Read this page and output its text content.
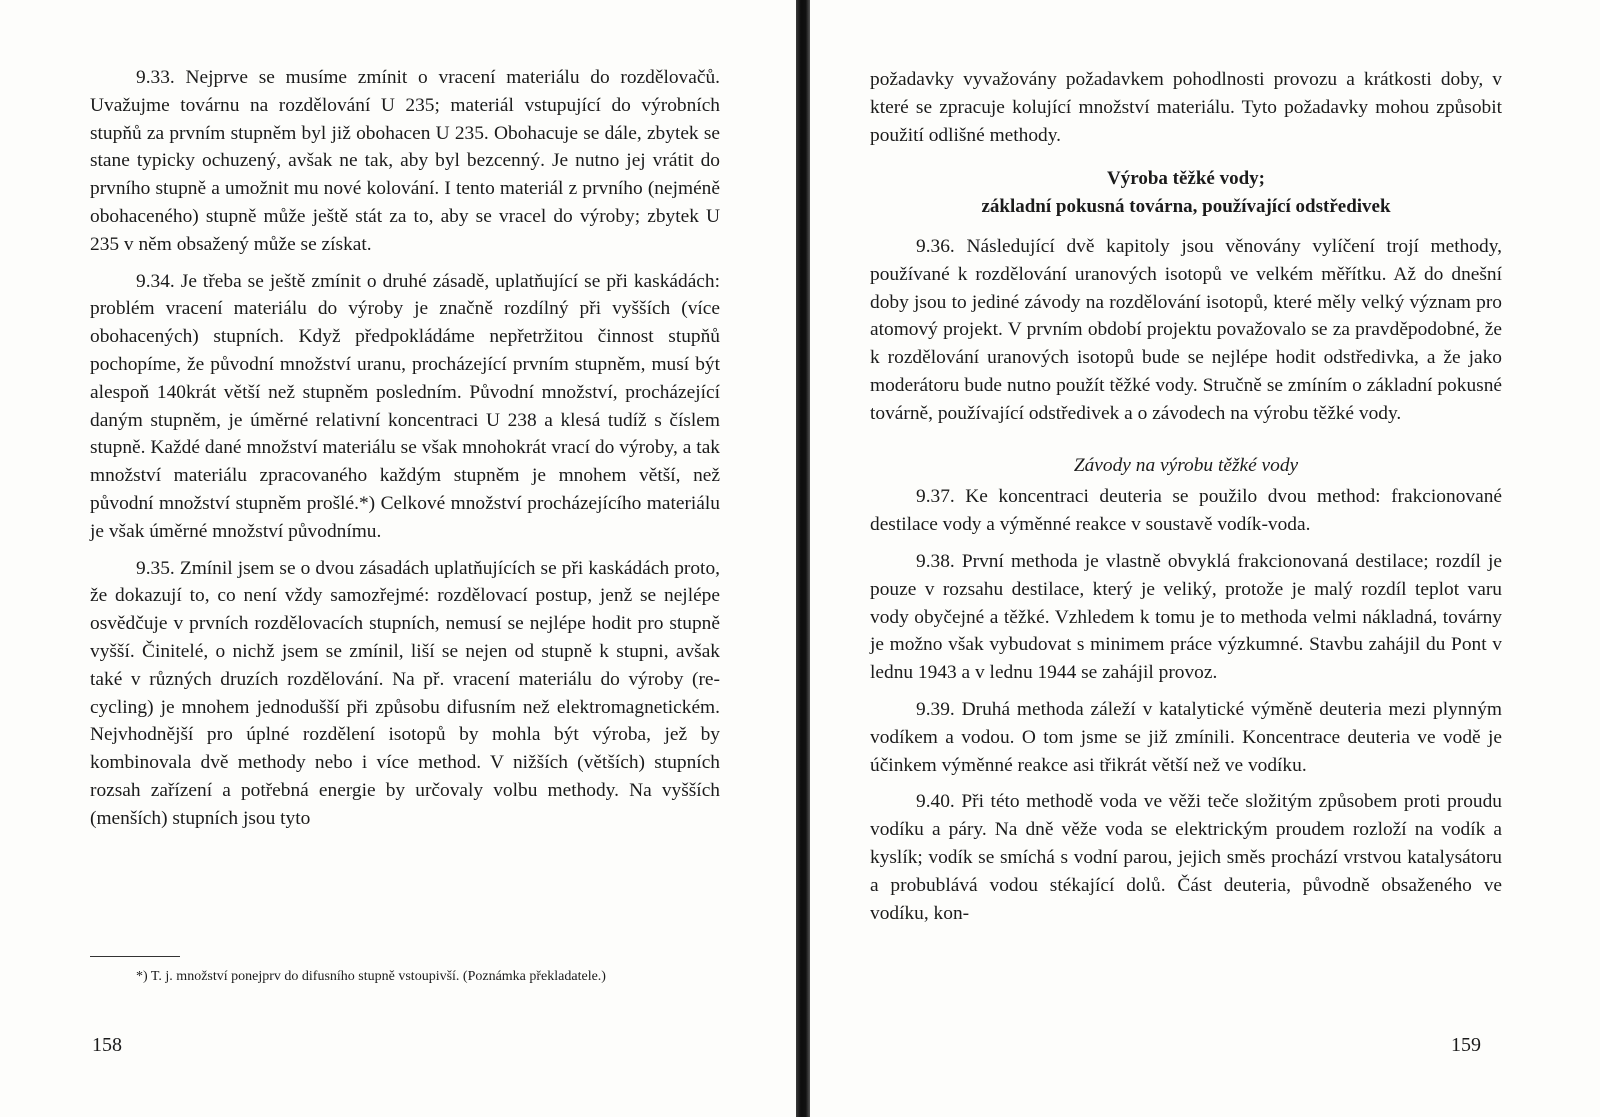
9.33. Nejprve se musíme zmínit o vracení materiálu do rozdělovačů. Uvažujme továrnu na rozdělování U 235; materiál vstupující do výrobních stupňů za prvním stupněm byl již obohacen U 235. Obohacuje se dále, zbytek se stane typicky ochuzený, avšak ne tak, aby byl bezcenný. Je nutno jej vrátit do prvního stupně a umožnit mu nové kolování. I tento materiál z prvního (nejméně obohaceného) stupně může ještě stát za to, aby se vracel do výroby; zbytek U 235 v něm obsažený může se získat.

9.34. Je třeba se ještě zmínit o druhé zásadě, uplatňující se při kaskádách: problém vracení materiálu do výroby je značně rozdílný při vyšších (více obohacených) stupních. Když předpokládáme nepřetržitou činnost stupňů pochopíme, že původní množství uranu, procházející prvním stupněm, musí být alespoň 140krát větší než stupněm posledním. Původní množství, procházející daným stupněm, je úměrné relativní koncentraci U 238 a klesá tudíž s číslem stupně. Každé dané množství materiálu se však mnohokrát vrací do výroby, a tak množství materiálu zpracovaného každým stupněm je mnohem větší, než původní množství stupněm prošlé.*) Celkové množství procházejícího materiálu je však úměrné množství původnímu.

9.35. Zmínil jsem se o dvou zásadách uplatňujících se při kaskádách proto, že dokazují to, co není vždy samozřejmé: rozdělovací postup, jenž se nejlépe osvědčuje v prvních rozdělovacích stupních, nemusí se nejlépe hodit pro stupně vyšší. Činitelé, o nichž jsem se zmínil, liší se nejen od stupně k stupni, avšak také v různých druzích rozdělování. Na př. vracení materiálu do výroby (recycling) je mnohem jednodušší při způsobu difusním než elektromagnetickém. Nejvhodnější pro úplné rozdělení isotopů by mohla být výroba, jež by kombinovala dvě methody nebo i více method. V nižších (větších) stupních rozsah zařízení a potřebná energie by určovaly volbu methody. Na vyšších (menších) stupních jsou tyto

*) T. j. množství ponejprv do difusního stupně vstoupivší. (Poznámka překladatele.)
158

požadavky vyvažovány požadavkem pohodlnosti provozu a krátkosti doby, v které se zpracuje kolující množství materiálu. Tyto požadavky mohou způsobit použití odlišné methody.

Výroba těžké vody;
základní pokusná továrna, používající odstředivek

9.36. Následující dvě kapitoly jsou věnovány vylíčení trojí methody, používané k rozdělování uranových isotopů ve velkém měřítku. Až do dnešní doby jsou to jediné závody na rozdělování isotopů, které měly velký význam pro atomový projekt. V prvním období projektu považovalo se za pravděpodobné, že k rozdělování uranových isotopů bude se nejlépe hodit odstředivka, a že jako moderátoru bude nutno použít těžké vody. Stručně se zmíním o základní pokusné továrně, používající odstředivek a o závodech na výrobu těžké vody.

Závody na výrobu těžké vody

9.37. Ke koncentraci deuteria se použilo dvou method: frakcionované destilace vody a výměnné reakce v soustavě vodík-voda.

9.38. První methoda je vlastně obvyklá frakcionovaná destilace; rozdíl je pouze v rozsahu destilace, který je veliký, protože je malý rozdíl teplot varu vody obyčejné a těžké. Vzhledem k tomu je to methoda velmi nákladná, továrny je možno však vybudovat s minimem práce výzkumné. Stavbu zahájil du Pont v lednu 1943 a v lednu 1944 se zahájil provoz.

9.39. Druhá methoda záleží v katalytické výměně deuteria mezi plynným vodíkem a vodou. O tom jsme se již zmínili. Koncentrace deuteria ve vodě je účinkem výměnné reakce asi třikrát větší než ve vodíku.

9.40. Při této methodě voda ve věži teče složitým způsobem proti proudu vodíku a páry. Na dně věže voda se elektrickým proudem rozloží na vodík a kyslík; vodík se smíchá s vodní parou, jejich směs prochází vrstvou katalysátoru a probublává vodou stékající dolů. Část deuteria, původně obsaženého ve vodíku, kon-

159
